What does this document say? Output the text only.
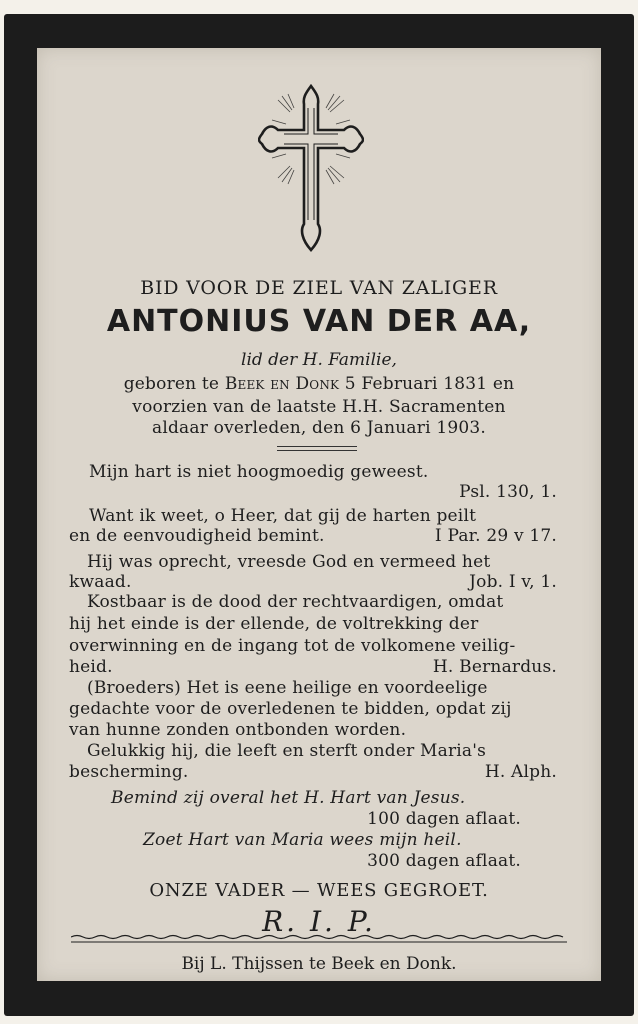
BID VOOR DE ZIEL VAN ZALIGER
ANTONIUS VAN DER AA,
lid der H. Familie,
geboren te Beek en Donk 5 Februari 1831 en
voorzien van de laatste H.H. Sacramenten
aldaar overleden, den 6 Januari 1903.
Mijn hart is niet hoogmoedig geweest.
Psl. 130, 1.
Want ik weet, o Heer, dat gij de harten peilt
en de eenvoudigheid bemint.	I Par. 29 v 17.
Hij was oprecht, vreesde God en vermeed het
kwaad.	Job. I v, 1.
Kostbaar is de dood der rechtvaardigen, omdat
hij het einde is der ellende, de voltrekking der
overwinning en de ingang tot de volkomene veilig-
heid.	H. Bernardus.
(Broeders) Het is eene heilige en voordeelige
gedachte voor de overledenen te bidden, opdat zij
van hunne zonden ontbonden worden.
Gelukkig hij, die leeft en sterft onder Maria's
bescherming.	H. Alph.
Bemind zij overal het H. Hart van Jesus.
100 dagen aflaat.
Zoet Hart van Maria wees mijn heil.
300 dagen aflaat.
ONZE VADER — WEES GEGROET.
R. I. P.
Bij L. Thijssen te Beek en Donk.
